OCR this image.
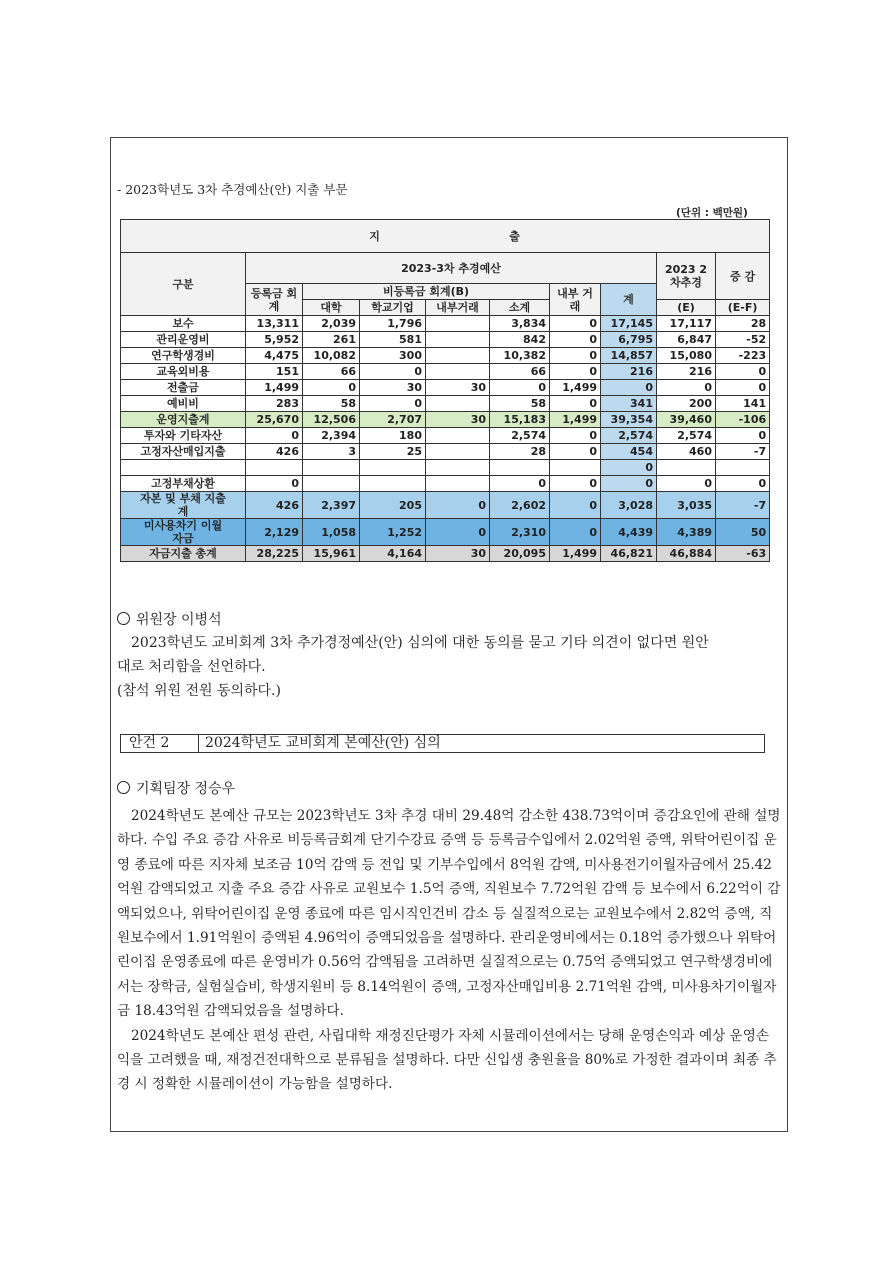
- 2023학년도 3차 추경예산(안) 지출 부문
(단위 : 백만원)
지 출									
구분	2023-3차 추경예산							2023 2차추경	증 감
	등록금 회계	비등록금 회계(B)				내부 거래	계		
		대학	학교기업	내부거래	소계			(E)	(E-F)
보수	13,311	2,039	1,796		3,834	0	17,145	17,117	28
관리운영비	5,952	261	581		842	0	6,795	6,847	-52
연구학생경비	4,475	10,082	300		10,382	0	14,857	15,080	-223
교육외비용	151	66	0		66	0	216	216	0
전출금	1,499	0	30	30	0	1,499	0	0	0
예비비	283	58	0		58	0	341	200	141
운영지출계	25,670	12,506	2,707	30	15,183	1,499	39,354	39,460	-106
투자와 기타자산	0	2,394	180		2,574	0	2,574	2,574	0
고정자산매입지출	426	3	25		28	0	454	460	-7
							0		
고정부채상환	0				0	0	0	0	0
자본 및 부채 지출계	426	2,397	205	0	2,602	0	3,028	3,035	-7
미사용차기 이월자금	2,129	1,058	1,252	0	2,310	0	4,439	4,389	50
자금지출 총계	28,225	15,961	4,164	30	20,095	1,499	46,821	46,884	-63
위원장 이병석
2023학년도 교비회계 3차 추가경정예산(안) 심의에 대한 동의를 묻고 기타 의견이 없다면 원안
대로 처리함을 선언하다.
(참석 위원 전원 동의하다.)
안건 2	2024학년도 교비회계 본예산(안) 심의
기획팀장 정승우

2024학년도 본예산 규모는 2023학년도 3차 추경 대비 29.48억 감소한 438.73억이며 증감요인에 관해 설명하다. 수입 주요 증감 사유로 비등록금회계 단기수강료 증액 등 등록금수입에서 2.02억원 증액, 위탁어린이집 운영 종료에 따른 지자체 보조금 10억 감액 등 전입 및 기부수입에서 8억원 감액, 미사용전기이월자금에서 25.42억원 감액되었고 지출 주요 증감 사유로 교원보수 1.5억 증액, 직원보수 7.72억원 감액 등 보수에서 6.22억이 감액되었으나, 위탁어린이집 운영 종료에 따른 임시직인건비 감소 등 실질적으로는 교원보수에서 2.82억 증액, 직원보수에서 1.91억원이 증액된 4.96억이 증액되었음을 설명하다. 관리운영비에서는 0.18억 증가했으나 위탁어린이집 운영종료에 따른 운영비가 0.56억 감액됨을 고려하면 실질적으로는 0.75억 증액되었고 연구학생경비에서는 장학금, 실험실습비, 학생지원비 등 8.14억원이 증액, 고정자산매입비용 2.71억원 감액, 미사용차기이월자금 18.43억원 감액되었음을 설명하다.

2024학년도 본예산 편성 관련, 사립대학 재정진단평가 자체 시뮬레이션에서는 당해 운영손익과 예상 운영손익을 고려했을 때, 재정건전대학으로 분류됨을 설명하다. 다만 신입생 충원율을 80%로 가정한 결과이며 최종 추경 시 정확한 시뮬레이션이 가능함을 설명하다.
